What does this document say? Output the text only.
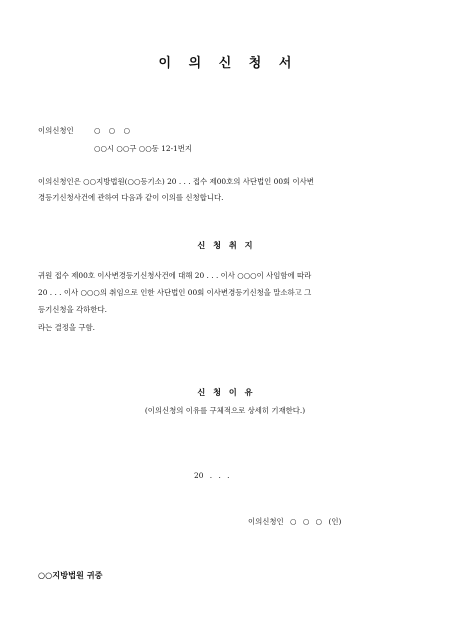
이 의 신 청 서
이의신청인	○ ○ ○
○○시 ○○구 ○○동 12-1번지
이의신청인은 ○○지방법원(○○등기소) 20 . . . 접수 제00호의 사단법인 00회 이사변
경등기신청사건에 관하여 다음과 같이 이의를 신청합니다.
신 청 취 지
귀원 접수 제00호 이사변경등기신청사건에 대해 20 . . . 이사 ○○○이 사임함에 따라
20 . . . 이사 ○○○의 취임으로 인한 사단법인 00회 이사변경등기신청을 말소하고 그
등기신청을 각하한다.
라는 결정을 구함.
신 청 이 유
(이의신청의 이유를 구체적으로 상세히 기재한다.)
20 . . .
이의신청인 ○ ○ ○ (인)
○○지방법원 귀중
